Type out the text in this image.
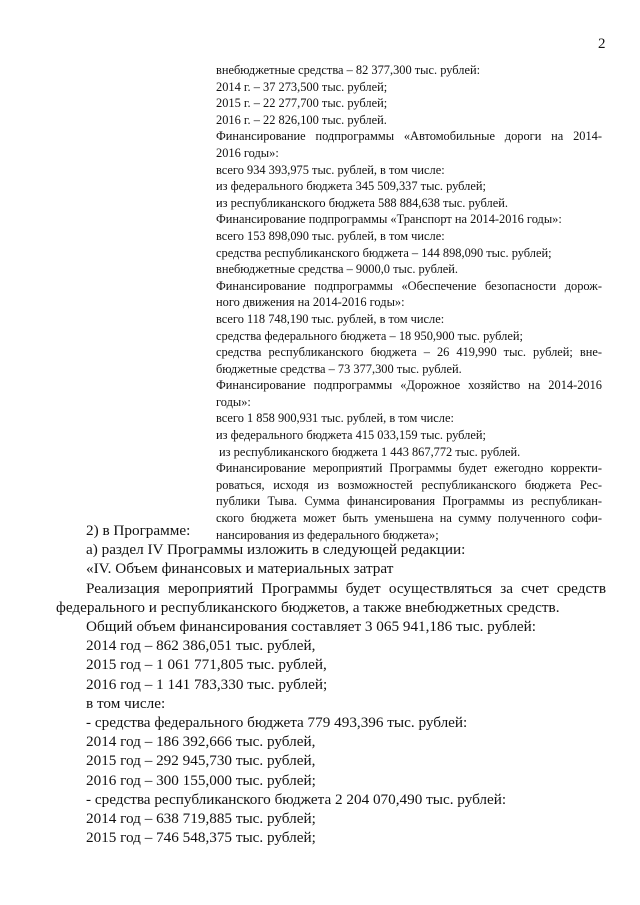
2
внебюджетные средства – 82 377,300 тыс. рублей:
2014 г. – 37 273,500 тыс. рублей;
2015 г. – 22 277,700 тыс. рублей;
2016 г. – 22 826,100 тыс. рублей.
Финансирование подпрограммы «Автомобильные дороги на 2014-
2016 годы»:
всего 934 393,975 тыс. рублей, в том числе:
из федерального бюджета 345 509,337 тыс. рублей;
из республиканского бюджета 588 884,638 тыс. рублей.
Финансирование подпрограммы «Транспорт на 2014-2016 годы»:
всего 153 898,090 тыс. рублей, в том числе:
средства республиканского бюджета – 144 898,090 тыс. рублей;
внебюджетные средства – 9000,0 тыс. рублей.
Финансирование подпрограммы «Обеспечение безопасности дорож-
ного движения на 2014-2016 годы»:
всего 118 748,190 тыс. рублей, в том числе:
средства федерального бюджета – 18 950,900 тыс. рублей;
средства республиканского бюджета – 26 419,990 тыс. рублей; вне-
бюджетные средства – 73 377,300 тыс. рублей.
Финансирование подпрограммы «Дорожное хозяйство на 2014-2016
годы»:
всего 1 858 900,931 тыс. рублей, в том числе:
из федерального бюджета 415 033,159 тыс. рублей;
из республиканского бюджета 1 443 867,772 тыс. рублей.
Финансирование мероприятий Программы будет ежегодно корректи-
роваться, исходя из возможностей республиканского бюджета Рес-
публики Тыва. Сумма финансирования Программы из республикан-
ского бюджета может быть уменьшена на сумму полученного софи-
нансирования из федерального бюджета»;
2) в Программе:
а) раздел IV Программы изложить в следующей редакции:
«IV. Объем финансовых и материальных затрат
Реализация мероприятий Программы будет осуществляться за счет средств
федерального и республиканского бюджетов, а также внебюджетных средств.
Общий объем финансирования составляет 3 065 941,186 тыс. рублей:
2014 год – 862 386,051 тыс. рублей,
2015 год – 1 061 771,805 тыс. рублей,
2016 год – 1 141 783,330 тыс. рублей;
в том числе:
- средства федерального бюджета 779 493,396 тыс. рублей:
2014 год – 186 392,666 тыс. рублей,
2015 год – 292 945,730 тыс. рублей,
2016 год – 300 155,000 тыс. рублей;
- средства республиканского бюджета 2 204 070,490 тыс. рублей:
2014 год – 638 719,885 тыс. рублей;
2015 год – 746 548,375 тыс. рублей;
